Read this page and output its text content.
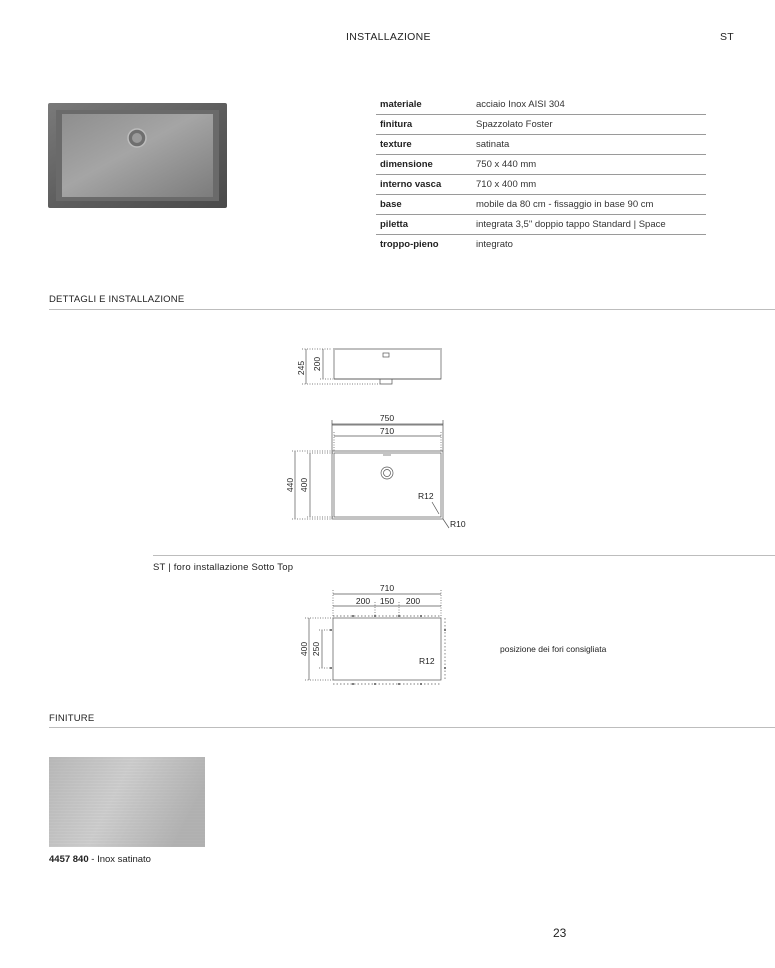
INSTALLAZIONE	ST
materiale	acciaio Inox AISI 304
finitura	Spazzolato Foster
texture	satinata
dimensione	750 x 440 mm
interno vasca	710 x 400 mm
base	mobile da 80 cm - fissaggio in base 90 cm
piletta	integrata 3,5" doppio tappo Standard | Space
troppo-pieno	integrato
DETTAGLI E INSTALLAZIONE
245 200
750
710
440 400
R12
R10
ST | foro installazione Sotto Top
710
200 150 200
400 250
R12
posizione dei fori consigliata
FINITURE
4457 840 - Inox satinato
23
